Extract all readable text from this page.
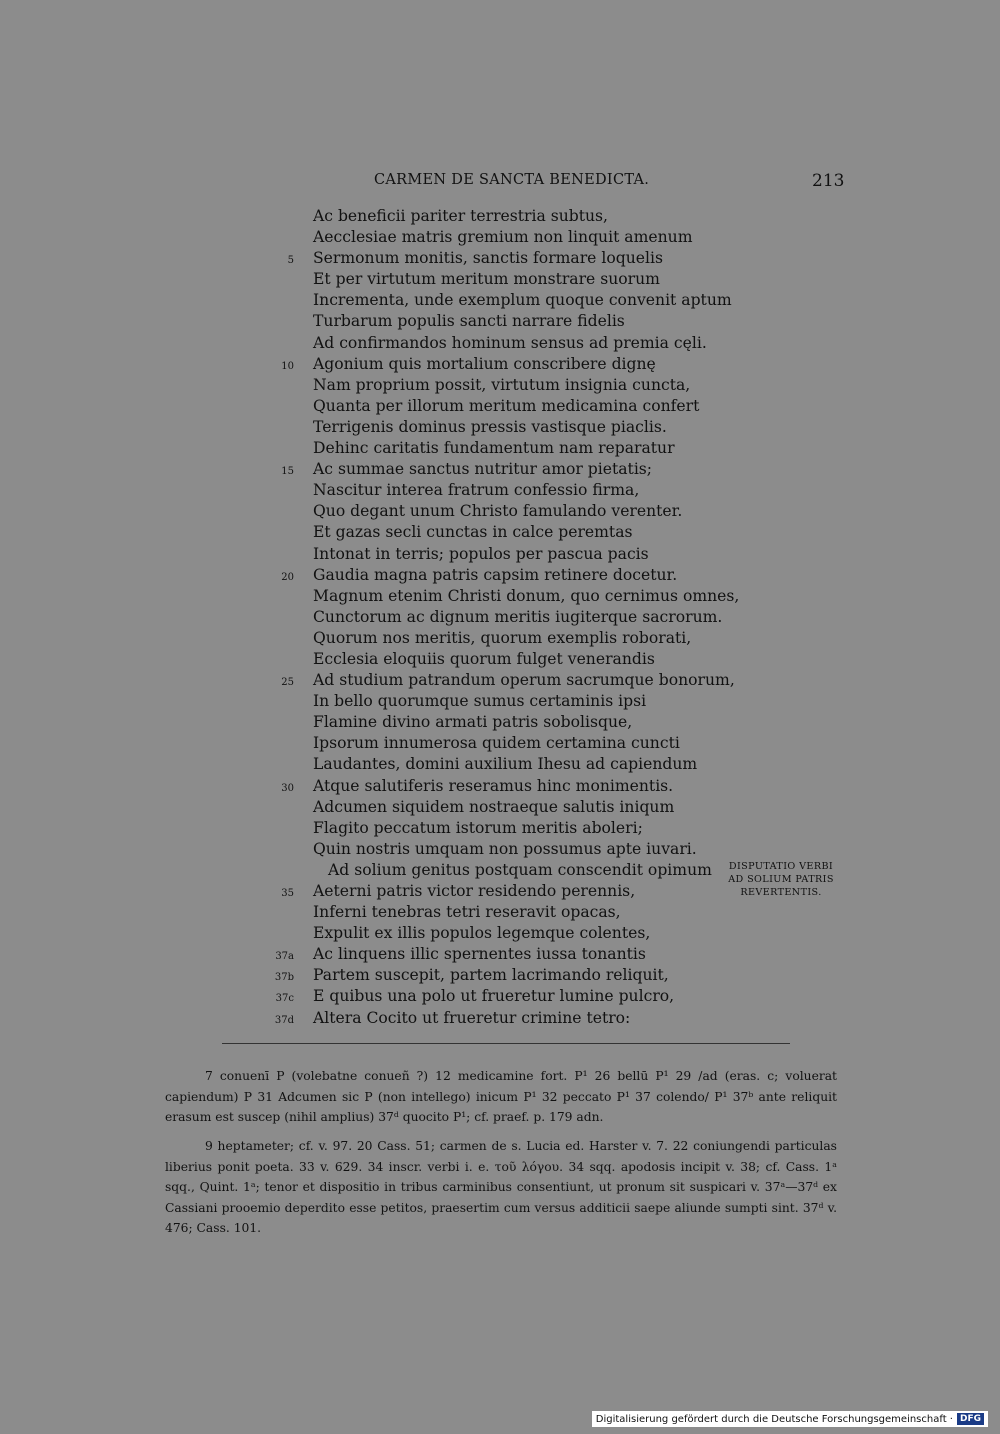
CARMEN DE SANCTA BENEDICTA.	213
Ac beneficii pariter terrestria subtus,
Aecclesiae matris gremium non linquit amenum
5 Sermonum monitis, sanctis formare loquelis
Et per virtutum meritum monstrare suorum
Incrementa, unde exemplum quoque convenit aptum
Turbarum populis sancti narrare fidelis
Ad confirmandos hominum sensus ad premia cęli.
10 Agonium quis mortalium conscribere dignę
Nam proprium possit, virtutum insignia cuncta,
Quanta per illorum meritum medicamina confert
Terrigenis dominus pressis vastisque piaclis.
Dehinc caritatis fundamentum nam reparatur
15 Ac summae sanctus nutritur amor pietatis;
Nascitur interea fratrum confessio firma,
Quo degant unum Christo famulando verenter.
Et gazas secli cunctas in calce peremtas
Intonat in terris; populos per pascua pacis
20 Gaudia magna patris capsim retinere docetur.
Magnum etenim Christi donum, quo cernimus omnes,
Cunctorum ac dignum meritis iugiterque sacrorum.
Quorum nos meritis, quorum exemplis roborati,
Ecclesia eloquiis quorum fulget venerandis
25 Ad studium patrandum operum sacrumque bonorum,
In bello quorumque sumus certaminis ipsi
Flamine divino armati patris sobolisque,
Ipsorum innumerosa quidem certamina cuncti
Laudantes, domini auxilium Ihesu ad capiendum
30 Atque salutiferis reseramus hinc monimentis.
Adcumen siquidem nostraeque salutis iniqum
Flagito peccatum istorum meritis aboleri;
Quin nostris umquam non possumus apte iuvari.
Ad solium genitus postquam conscendit opimum
35 Aeterni patris victor residendo perennis,
Inferni tenebras tetri reseravit opacas,
Expulit ex illis populos legemque colentes,
37a Ac linquens illic spernentes iussa tonantis
37b Partem suscepit, partem lacrimando reliquit,
37c E quibus una polo ut frueretur lumine pulcro,
37d Altera Cocito ut frueretur crimine tetro:
DISPUTATIO VERBI
AD SOLIUM PATRIS
REVERTENTIS.

7 conuenī P (volebatne conueñ ?) 12 medicamine fort. P¹ 26 bellū P¹ 29 /ad (eras. c; voluerat capiendum) P 31 Adcumen sic P (non intellego) inicum P¹ 32 peccato P¹ 37 colendo/ P¹ 37ᵇ ante reliquit erasum est suscep (nihil amplius) 37ᵈ quocito P¹; cf. praef. p. 179 adn.

9 heptameter; cf. v. 97. 20 Cass. 51; carmen de s. Lucia ed. Harster v. 7. 22 coniungendi particulas liberius ponit poeta. 33 v. 629. 34 inscr. verbi i. e. τοῦ λόγου. 34 sqq. apodosis incipit v. 38; cf. Cass. 1ᵃ sqq., Quint. 1ᵃ; tenor et dispositio in tribus carminibus consentiunt, ut pronum sit suspicari v. 37ᵃ—37ᵈ ex Cassiani prooemio deperdito esse petitos, praesertim cum versus additicii saepe aliunde sumpti sint. 37ᵈ v. 476; Cass. 101.

Digitalisierung gefördert durch die Deutsche Forschungsgemeinschaft · DFG
